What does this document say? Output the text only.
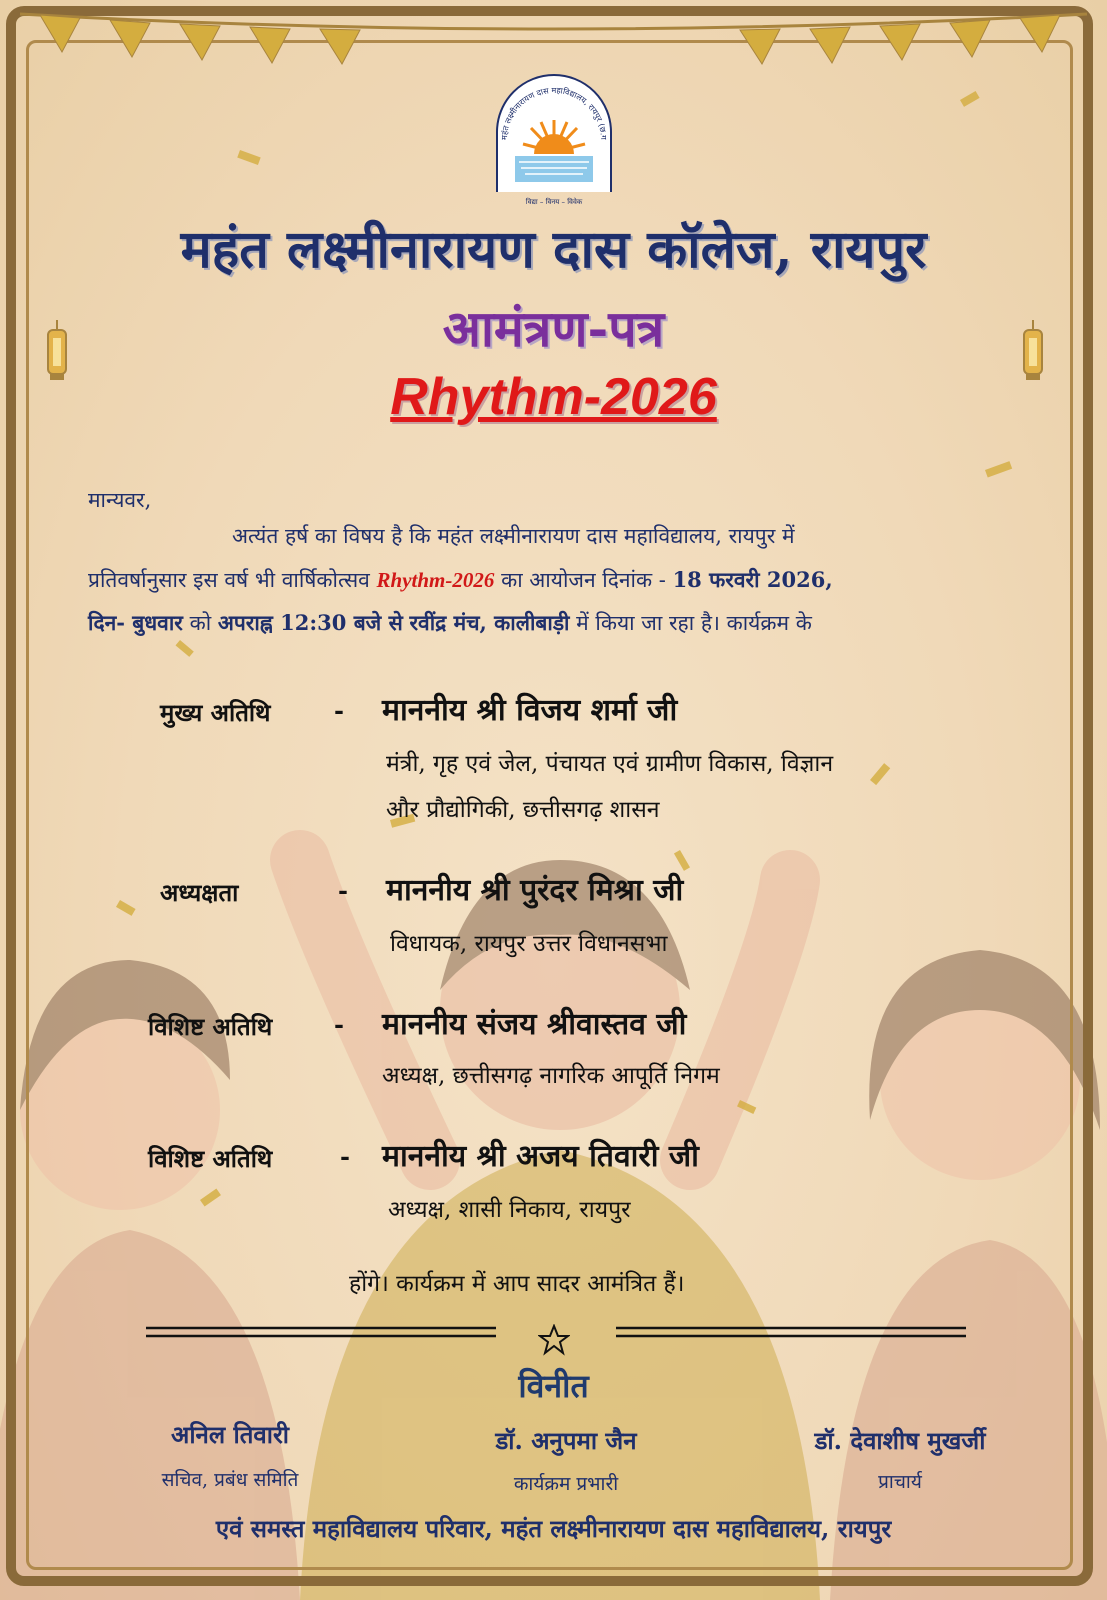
महंत लक्ष्मीनारायण दास महाविद्यालय, रायपुर (छ.ग
विद्या – विनय – विवेक
महंत लक्ष्मीनारायण दास कॉलेज, रायपुर
आमंत्रण-पत्र
Rhythm-2026
मान्यवर,
अत्यंत हर्ष का विषय है कि महंत लक्ष्मीनारायण दास महाविद्यालय, रायपुर में
प्रतिवर्षानुसार इस वर्ष भी वार्षिकोत्सव Rhythm-2026 का आयोजन दिनांक - 18 फरवरी 2026,
दिन- बुधवार को अपराह्न 12:30 बजे से रवींद्र मंच, कालीबाड़ी में किया जा रहा है। कार्यक्रम के
मुख्य अतिथि	- माननीय श्री विजय शर्मा जी
मंत्री, गृह एवं जेल, पंचायत एवं ग्रामीण विकास, विज्ञान
और प्रौद्योगिकी, छत्तीसगढ़ शासन
अध्यक्षता	- माननीय श्री पुरंदर मिश्रा जी
विधायक, रायपुर उत्तर विधानसभा
विशिष्ट अतिथि	- माननीय संजय श्रीवास्तव जी
अध्यक्ष, छत्तीसगढ़ नागरिक आपूर्ति निगम
विशिष्ट अतिथि	- माननीय श्री अजय तिवारी जी
अध्यक्ष, शासी निकाय, रायपुर
होंगे। कार्यक्रम में आप सादर आमंत्रित हैं।
विनीत
अनिल तिवारी
सचिव, प्रबंध समिति
डॉ. अनुपमा जैन
कार्यक्रम प्रभारी
डॉ. देवाशीष मुखर्जी
प्राचार्य
एवं समस्त महाविद्यालय परिवार, महंत लक्ष्मीनारायण दास महाविद्यालय, रायपुर
